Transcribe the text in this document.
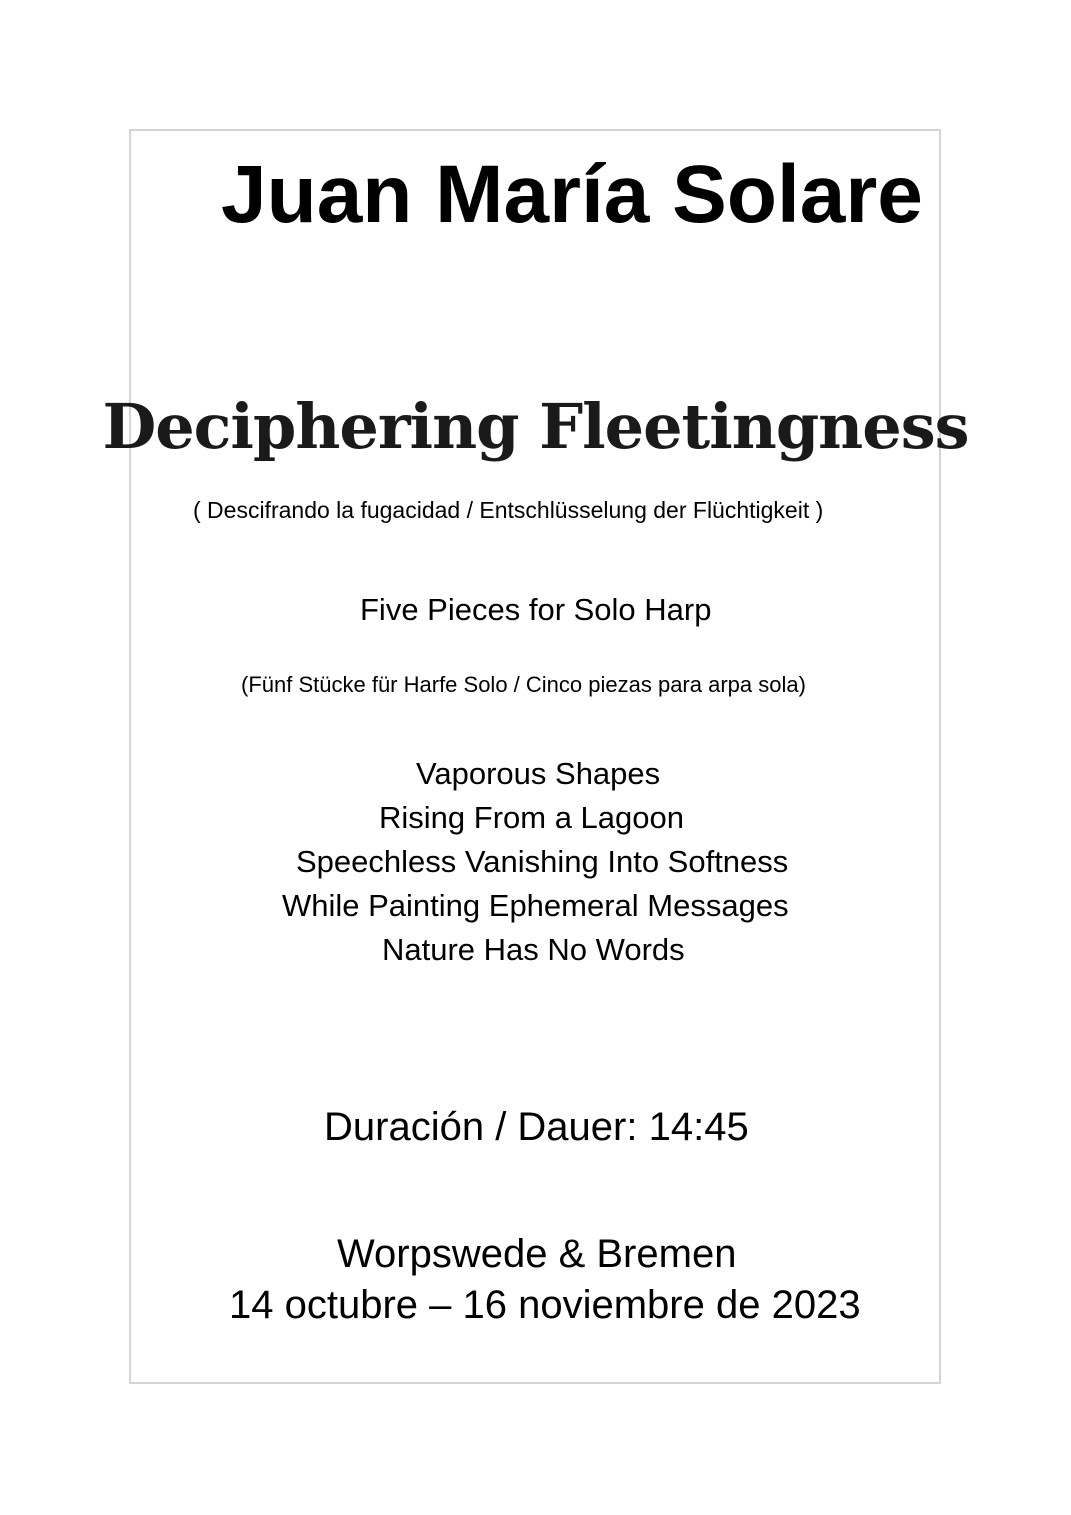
Juan María Solare
Deciphering Fleetingness

( Descifrando la fugacidad / Entschlüsselung der Flüchtigkeit )

Five Pieces for Solo Harp

(Fünf Stücke für Harfe Solo / Cinco piezas para arpa sola)

Vaporous Shapes
Rising From a Lagoon
Speechless Vanishing Into Softness
While Painting Ephemeral Messages
Nature Has No Words

Duración / Dauer: 14:45

Worpswede & Bremen

14 octubre – 16 noviembre de 2023
